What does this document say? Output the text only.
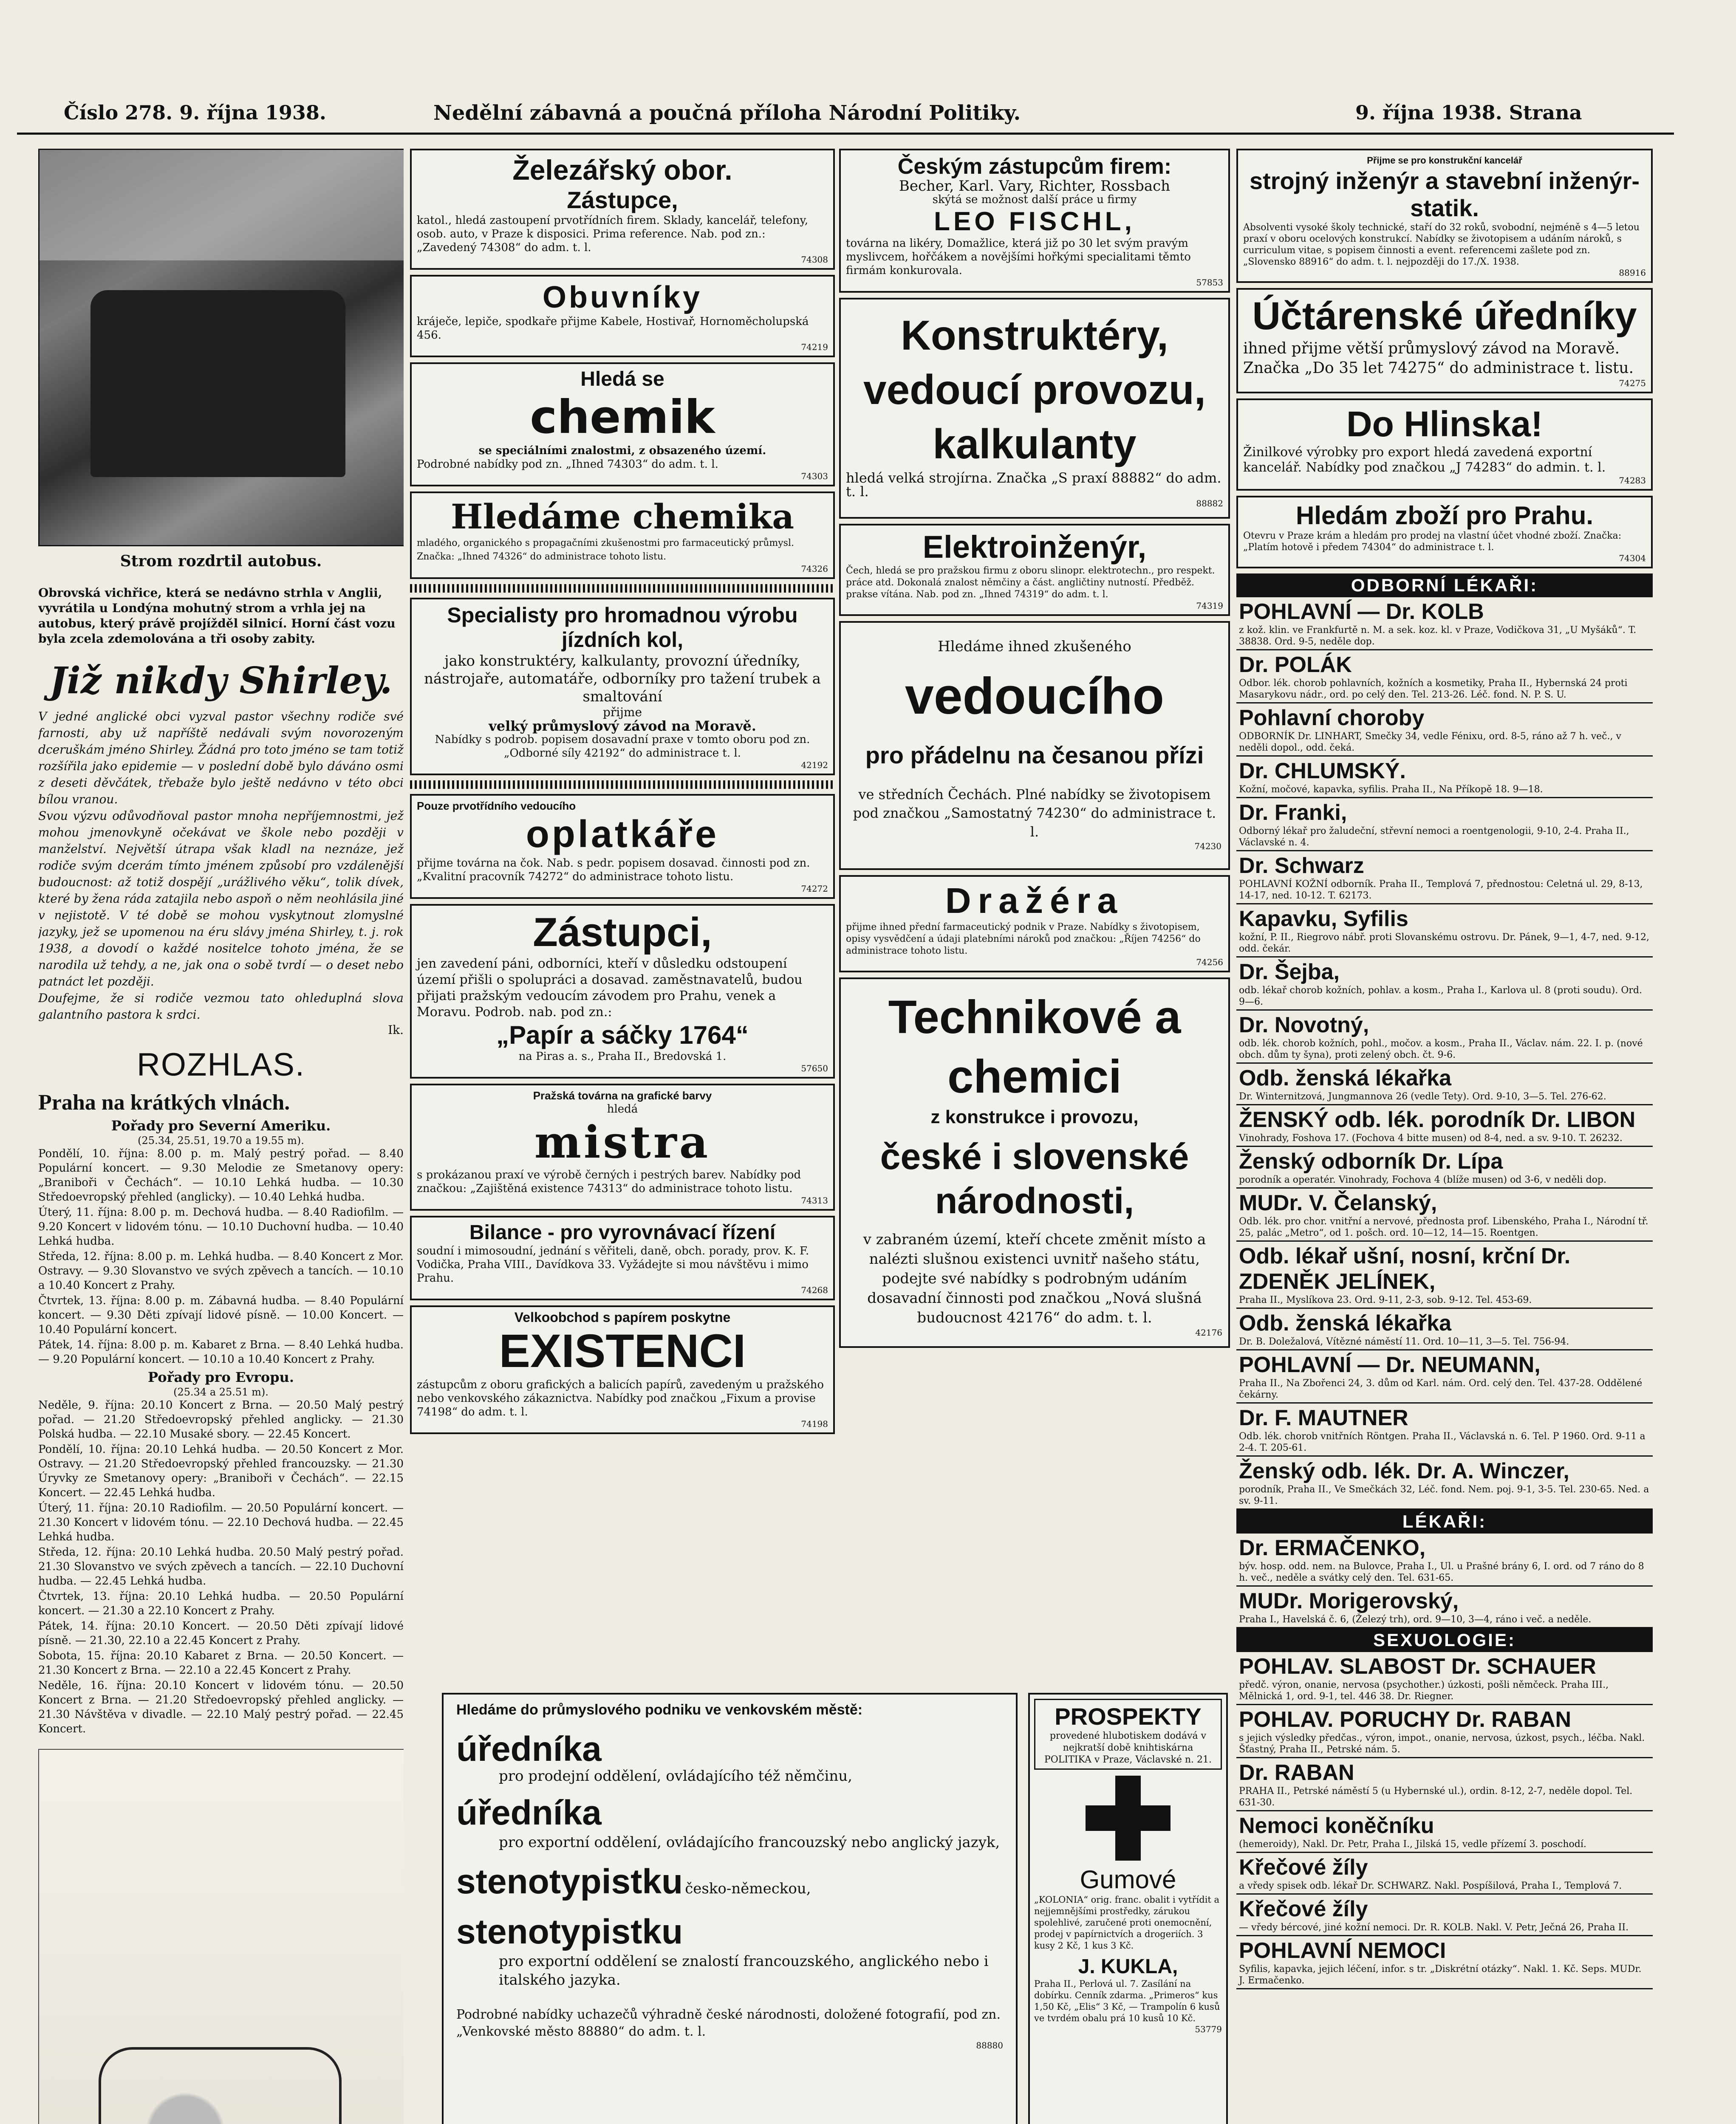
Číslo 278. 9. října 1938.	Nedělní zábavná a poučná příloha Národní Politiky.	9. října 1938. Strana

Strom rozdrtil autobus.

Obrovská vichřice, která se nedávno strhla v Anglii, vyvrátila u Londýna mohutný strom a vrhla jej na autobus, který právě projížděl silnicí. Horní část vozu byla zcela zdemolována a tři osoby zabity.

Již nikdy Shirley.

V jedné anglické obci vyzval pastor všechny rodiče své farnosti, aby už napříště nedávali svým novorozeným dceruškám jméno Shirley. Žádná pro toto jméno se tam totiž rozšířila jako epidemie — v poslední době bylo dáváno osmi z deseti děvčátek, třebaže bylo ještě nedávno v této obci bílou vranou.

Svou výzvu odůvodňoval pastor mnoha nepříjemnostmi, jež mohou jmenovkyně očekávat ve škole nebo později v manželství. Největší útrapa však kladl na neznáze, jež rodiče svým dcerám tímto jménem způsobí pro vzdálenější budoucnost: až totiž dospějí „urážlivého věku“, tolik dívek, které by žena ráda zatajila nebo aspoň o něm neohlásila jiné v nejistotě. V té době se mohou vyskytnout zlomyslné jazyky, jež se upomenou na éru slávy jména Shirley, t. j. rok 1938, a dovodí o každé nositelce tohoto jména, že se narodila už tehdy, a ne, jak ona o sobě tvrdí — o deset nebo patnáct let později.

Doufejme, že si rodiče vezmou tato ohleduplná slova galantního pastora k srdci.

Ik.

ROZHLAS.
Praha na krátkých vlnách.
Pořady pro Severní Ameriku.

(25.34, 25.51, 19.70 a 19.55 m).

Pondělí, 10. října: 8.00 p. m. Malý pestrý pořad. — 8.40 Populární koncert. — 9.30 Melodie ze Smetanovy opery: „Braniboři v Čechách“. — 10.10 Lehká hudba. — 10.30 Středoevropský přehled (anglicky). — 10.40 Lehká hudba.

Úterý, 11. října: 8.00 p. m. Dechová hudba. — 8.40 Radiofilm. — 9.20 Koncert v lidovém tónu. — 10.10 Duchovní hudba. — 10.40 Lehká hudba.

Středa, 12. října: 8.00 p. m. Lehká hudba. — 8.40 Koncert z Mor. Ostravy. — 9.30 Slovanstvo ve svých zpěvech a tancích. — 10.10 a 10.40 Koncert z Prahy.

Čtvrtek, 13. října: 8.00 p. m. Zábavná hudba. — 8.40 Populární koncert. — 9.30 Děti zpívají lidové písně. — 10.00 Koncert. — 10.40 Populární koncert.

Pátek, 14. října: 8.00 p. m. Kabaret z Brna. — 8.40 Lehká hudba. — 9.20 Populární koncert. — 10.10 a 10.40 Koncert z Prahy.

Pořady pro Evropu.

(25.34 a 25.51 m).

Neděle, 9. října: 20.10 Koncert z Brna. — 20.50 Malý pestrý pořad. — 21.20 Středoevropský přehled anglicky. — 21.30 Polská hudba. — 22.10 Musaké sbory. — 22.45 Koncert.

Pondělí, 10. října: 20.10 Lehká hudba. — 20.50 Koncert z Mor. Ostravy. — 21.20 Středoevropský přehled francouzsky. — 21.30 Úryvky ze Smetanovy opery: „Braniboři v Čechách“. — 22.15 Koncert. — 22.45 Lehká hudba.

Úterý, 11. října: 20.10 Radiofilm. — 20.50 Populární koncert. — 21.30 Koncert v lidovém tónu. — 22.10 Dechová hudba. — 22.45 Lehká hudba.

Středa, 12. října: 20.10 Lehká hudba. 20.50 Malý pestrý pořad. 21.30 Slovanstvo ve svých zpěvech a tancích. — 22.10 Duchovní hudba. — 22.45 Lehká hudba.

Čtvrtek, 13. října: 20.10 Lehká hudba. — 20.50 Populární koncert. — 21.30 a 22.10 Koncert z Prahy.

Pátek, 14. října: 20.10 Koncert. — 20.50 Děti zpívají lidové písně. — 21.30, 22.10 a 22.45 Koncert z Prahy.

Sobota, 15. října: 20.10 Kabaret z Brna. — 20.50 Koncert. — 21.30 Koncert z Brna. — 22.10 a 22.45 Koncert z Prahy.

Neděle, 16. října: 20.10 Koncert v lidovém tónu. — 20.50 Koncert z Brna. — 21.20 Středoevropský přehled anglicky. — 21.30 Návštěva v divadle. — 22.10 Malý pestrý pořad. — 22.45 Koncert.

Železářský obor.
Zástupce,

katol., hledá zastoupení prvotřídních firem. Sklady, kancelář, telefony, osob. auto, v Praze k disposici. Prima reference. Nab. pod zn.: „Zavedený 74308“ do adm. t. l.

74308

Obuvníky

kráječe, lepiče, spodkaře přijme Kabele, Hostivař, Hornoměcholupská 456.

74219

Hledá se
chemik

se speciálními znalostmi, z obsazeného území.

Podrobné nabídky pod zn. „Ihned 74303“ do adm. t. l.

74303

Hledáme chemika

mladého, organického s propagačními zkušenostmi pro farmaceutický průmysl. Značka: „Ihned 74326“ do administrace tohoto listu.

74326

Specialisty pro hromadnou výrobu jízdních kol,

jako konstruktéry, kalkulanty, provozní úředníky, nástrojaře, automatáře, odborníky pro tažení trubek a smaltování

přijme

velký průmyslový závod na Moravě.

Nabídky s podrob. popisem dosavadní praxe v tomto oboru pod zn. „Odborné síly 42192“ do administrace t. l.

42192

Pouze prvotřídního vedoucího

oplatkáře

přijme továrna na čok. Nab. s pedr. popisem dosavad. činnosti pod zn. „Kvalitní pracovník 74272“ do administrace tohoto listu.

74272

Zástupci,

jen zavedení páni, odborníci, kteří v důsledku odstoupení území přišli o spolupráci a dosavad. zaměstnavatelů, budou přijati pražským vedoucím závodem pro Prahu, venek a Moravu. Podrob. nab. pod zn.:

„Papír a sáčky 1764“

na Piras a. s., Praha II., Bredovská 1.

57650

Pražská továrna na grafické barvy

hledá

mistra

s prokázanou praxí ve výrobě černých i pestrých barev. Nabídky pod značkou: „Zajištěná existence 74313“ do administrace tohoto listu.

74313

Bilance - pro vyrovnávací řízení

soudní i mimosoudní, jednání s věřiteli, daně, obch. porady, prov. K. F. Vodička, Praha VIII., Davídkova 33. Vyžádejte si mou návštěvu i mimo Prahu.

74268

Velkoobchod s papírem poskytne

EXISTENCI

zástupcům z oboru grafických a balicích papírů, zavedeným u pražského nebo venkovského zákaznictva. Nabídky pod značkou „Fixum a provise 74198“ do adm. t. l.

74198

Českým zástupcům firem:

Becher, Karl. Vary, Richter, Rossbach

skýtá se možnost další práce u firmy

LEO FISCHL,

továrna na likéry, Domažlice, která již po 30 let svým pravým myslivcem, hořčákem a novějšími hořkými specialitami těmto firmám konkurovala.

57853

Konstruktéry, vedoucí provozu, kalkulanty

hledá velká strojírna. Značka „S praxí 88882“ do adm. t. l.

88882

Elektroinženýr,

Čech, hledá se pro pražskou firmu z oboru slinopr. elektrotechn., pro respekt. práce atd. Dokonalá znalost němčiny a část. angličtiny nutností. Předběž. prakse vítána. Nab. pod zn. „Ihned 74319“ do adm. t. l.

74319

Hledáme ihned zkušeného

vedoucího
pro přádelnu na česanou přízi

ve středních Čechách. Plné nabídky se životopisem pod značkou „Samostatný 74230“ do administrace t. l.

74230

Dražéra

přijme ihned přední farmaceutický podnik v Praze. Nabídky s životopisem, opisy vysvědčení a údaji platebními nároků pod značkou: „Říjen 74256“ do administrace tohoto listu.

74256

Technikové a chemici
z konstrukce i provozu,
české i slovenské národnosti,

v zabraném území, kteří chcete změnit místo a nalézti slušnou existenci uvnitř našeho státu, podejte své nabídky s podrobným udáním dosavadní činnosti pod značkou „Nová slušná budoucnost 42176“ do adm. t. l.

42176

Přijme se pro konstrukční kancelář

strojný inženýr a stavební inženýr-statik.

Absolventi vysoké školy technické, staří do 32 roků, svobodní, nejméně s 4—5 letou praxí v oboru ocelových konstrukcí. Nabídky se životopisem a udáním nároků, s curriculum vitae, s popisem činnosti a event. referencemi zašlete pod zn. „Slovensko 88916“ do adm. t. l. nejpozději do 17./X. 1938.

88916

Účtárenské úředníky

ihned přijme větší průmyslový závod na Moravě. Značka „Do 35 let 74275“ do administrace t. listu.

74275

Do Hlinska!

Žinilkové výrobky pro export hledá zavedená exportní kancelář. Nabídky pod značkou „J 74283“ do admin. t. l.

74283

Hledám zboží pro Prahu.

Otevru v Praze krám a hledám pro prodej na vlastní účet vhodné zboží. Značka: „Platím hotově i předem 74304“ do administrace t. l.

74304

ODBORNÍ LÉKAŘI:
POHLAVNÍ — Dr. KOLB
z kož. klin. ve Frankfurtě n. M. a sek. koz. kl. v Praze, Vodičkova 31, „U Myšáků“. T. 38838. Ord. 9-5, neděle dop.
Dr. POLÁK
Odbor. lék. chorob pohlavních, kožních a kosmetiky, Praha II., Hybernská 24 proti Masarykovu nádr., ord. po celý den. Tel. 213-26. Léč. fond. N. P. S. U.
Pohlavní choroby
ODBORNÍK Dr. LINHART, Smečky 34, vedle Fénixu, ord. 8-5, ráno až 7 h. več., v neděli dopol., odd. čeká.
Dr. CHLUMSKÝ.
Kožní, močové, kapavka, syfilis. Praha II., Na Příkopě 18. 9—18.
Dr. Franki,
Odborný lékař pro žaludeční, střevní nemoci a roentgenologii, 9-10, 2-4. Praha II., Václavské n. 4.
Dr. Schwarz
POHLAVNÍ KOŽNÍ odborník. Praha II., Templová 7, přednostou: Celetná ul. 29, 8-13, 14-17, ned. 10-12. T. 62173.
Kapavku, Syfilis
kožní, P. II., Riegrovo nábř. proti Slovanskému ostrovu. Dr. Pánek, 9—1, 4-7, ned. 9-12, odd. čekár.
Dr. Šejba,
odb. lékař chorob kožních, pohlav. a kosm., Praha I., Karlova ul. 8 (proti soudu). Ord. 9—6.
Dr. Novotný,
odb. lék. chorob kožních, pohl., močov. a kosm., Praha II., Václav. nám. 22. I. p. (nové obch. dům ty šyna), proti zelený obch. čt. 9-6.
Odb. ženská lékařka
Dr. Winternitzová, Jungmannova 26 (vedle Tety). Ord. 9-10, 3—5. Tel. 276-62.
ŽENSKÝ odb. lék. porodník Dr. LIBON
Vinohrady, Foshova 17. (Fochova 4 bitte musen) od 8-4, ned. a sv. 9-10. T. 26232.
Ženský odborník Dr. Lípa
porodník a operatér. Vinohrady, Fochova 4 (blíže musen) od 3-6, v neděli dop.
MUDr. V. Čelanský,
Odb. lék. pro chor. vnitřní a nervové, přednosta prof. Libenského, Praha I., Národní tř. 25, palác „Metro“, od 1. pošch. ord. 10—12, 14—15. Roentgen.
Odb. lékař ušní, nosní, krční Dr. ZDENĚK JELÍNEK,
Praha II., Myslíkova 23. Ord. 9-11, 2-3, sob. 9-12. Tel. 453-69.
Odb. ženská lékařka
Dr. B. Doležalová, Vítězné náměstí 11. Ord. 10—11, 3—5. Tel. 756-94.
POHLAVNÍ — Dr. NEUMANN,
Praha II., Na Zbořenci 24, 3. dům od Karl. nám. Ord. celý den. Tel. 437-28. Oddělené čekárny.
Dr. F. MAUTNER
Odb. lék. chorob vnitřních Röntgen. Praha II., Václavská n. 6. Tel. P 1960. Ord. 9-11 a 2-4. T. 205-61.
Ženský odb. lék. Dr. A. Winczer,
porodník, Praha II., Ve Smečkách 32, Léč. fond. Nem. poj. 9-1, 3-5. Tel. 230-65. Ned. a sv. 9-11.
LÉKAŘI:
Dr. ERMAČENKO,
býv. hosp. odd. nem. na Bulovce, Praha I., Ul. u Prašné brány 6, I. ord. od 7 ráno do 8 h. več., neděle a svátky celý den. Tel. 631-65.
MUDr. Morigerovský,
Praha I., Havelská č. 6, (Železý trh), ord. 9—10, 3—4, ráno i več. a neděle.
SEXUOLOGIE:
POHLAV. SLABOST Dr. SCHAUER
předč. výron, onanie, nervosa (psychother.) úzkosti, pošli němčeck. Praha III., Mělnická 1, ord. 9-1, tel. 446 38. Dr. Riegner.
POHLAV. PORUCHY Dr. RABAN
s jejich výsledky předčas., výron, impot., onanie, nervosa, úzkost, psych., léčba. Nakl. Šťastný, Praha II., Petrské nám. 5.
Dr. RABAN
PRAHA II., Petrské náměstí 5 (u Hybernské ul.), ordin. 8-12, 2-7, neděle dopol. Tel. 631-30.
Nemoci koněčníku
(hemeroidy), Nakl. Dr. Petr, Praha I., Jilská 15, vedle přízemí 3. poschodí.
Křečové žíly
a vředy spisek odb. lékař Dr. SCHWARZ. Nakl. Pospíšilová, Praha I., Templová 7.
Křečové žíly
— vředy bércové, jiné kožní nemoci. Dr. R. KOLB. Nakl. V. Petr, Ječná 26, Praha II.
POHLAVNÍ NEMOCI
Syfilis, kapavka, jejich léčení, infor. s tr. „Diskrétní otázky“. Nakl. 1. Kč. Seps. MUDr. J. Ermačenko.

Hledáme do průmyslového podniku ve venkovském městě:

úředníka

pro prodejní oddělení, ovládajícího též němčinu,

úředníka

pro exportní oddělení, ovládajícího francouzský nebo anglický jazyk,

stenotypistku česko-německou,
stenotypistku

pro exportní oddělení se znalostí francouzského, anglického nebo i italského jazyka.

Podrobné nabídky uchazečů výhradně české národnosti, doložené fotografií, pod zn. „Venkovské město 88880“ do adm. t. l.

88880

PROSPEKTY

provedené hlubotiskem dodává v nejkratší době knihtiskárna POLITIKA v Praze, Václavské n. 21.

Gumové

„KOLONIA“ orig. franc. obalit i vytřídit a nejjemnějšími prostředky, zárukou spolehlivé, zaručené proti onemocnění, prodej v papírnictvích a drogeriích. 3 kusy 2 Kč, 1 kus 3 Kč.

J. KUKLA,

Praha II., Perlová ul. 7. Zasílání na dobírku. Cenník zdarma. „Primeros“ kus 1,50 Kč, „Elis“ 3 Kč, — Trampolín 6 kusů ve tvrdém obalu prá 10 kusů 10 Kč.

53779
